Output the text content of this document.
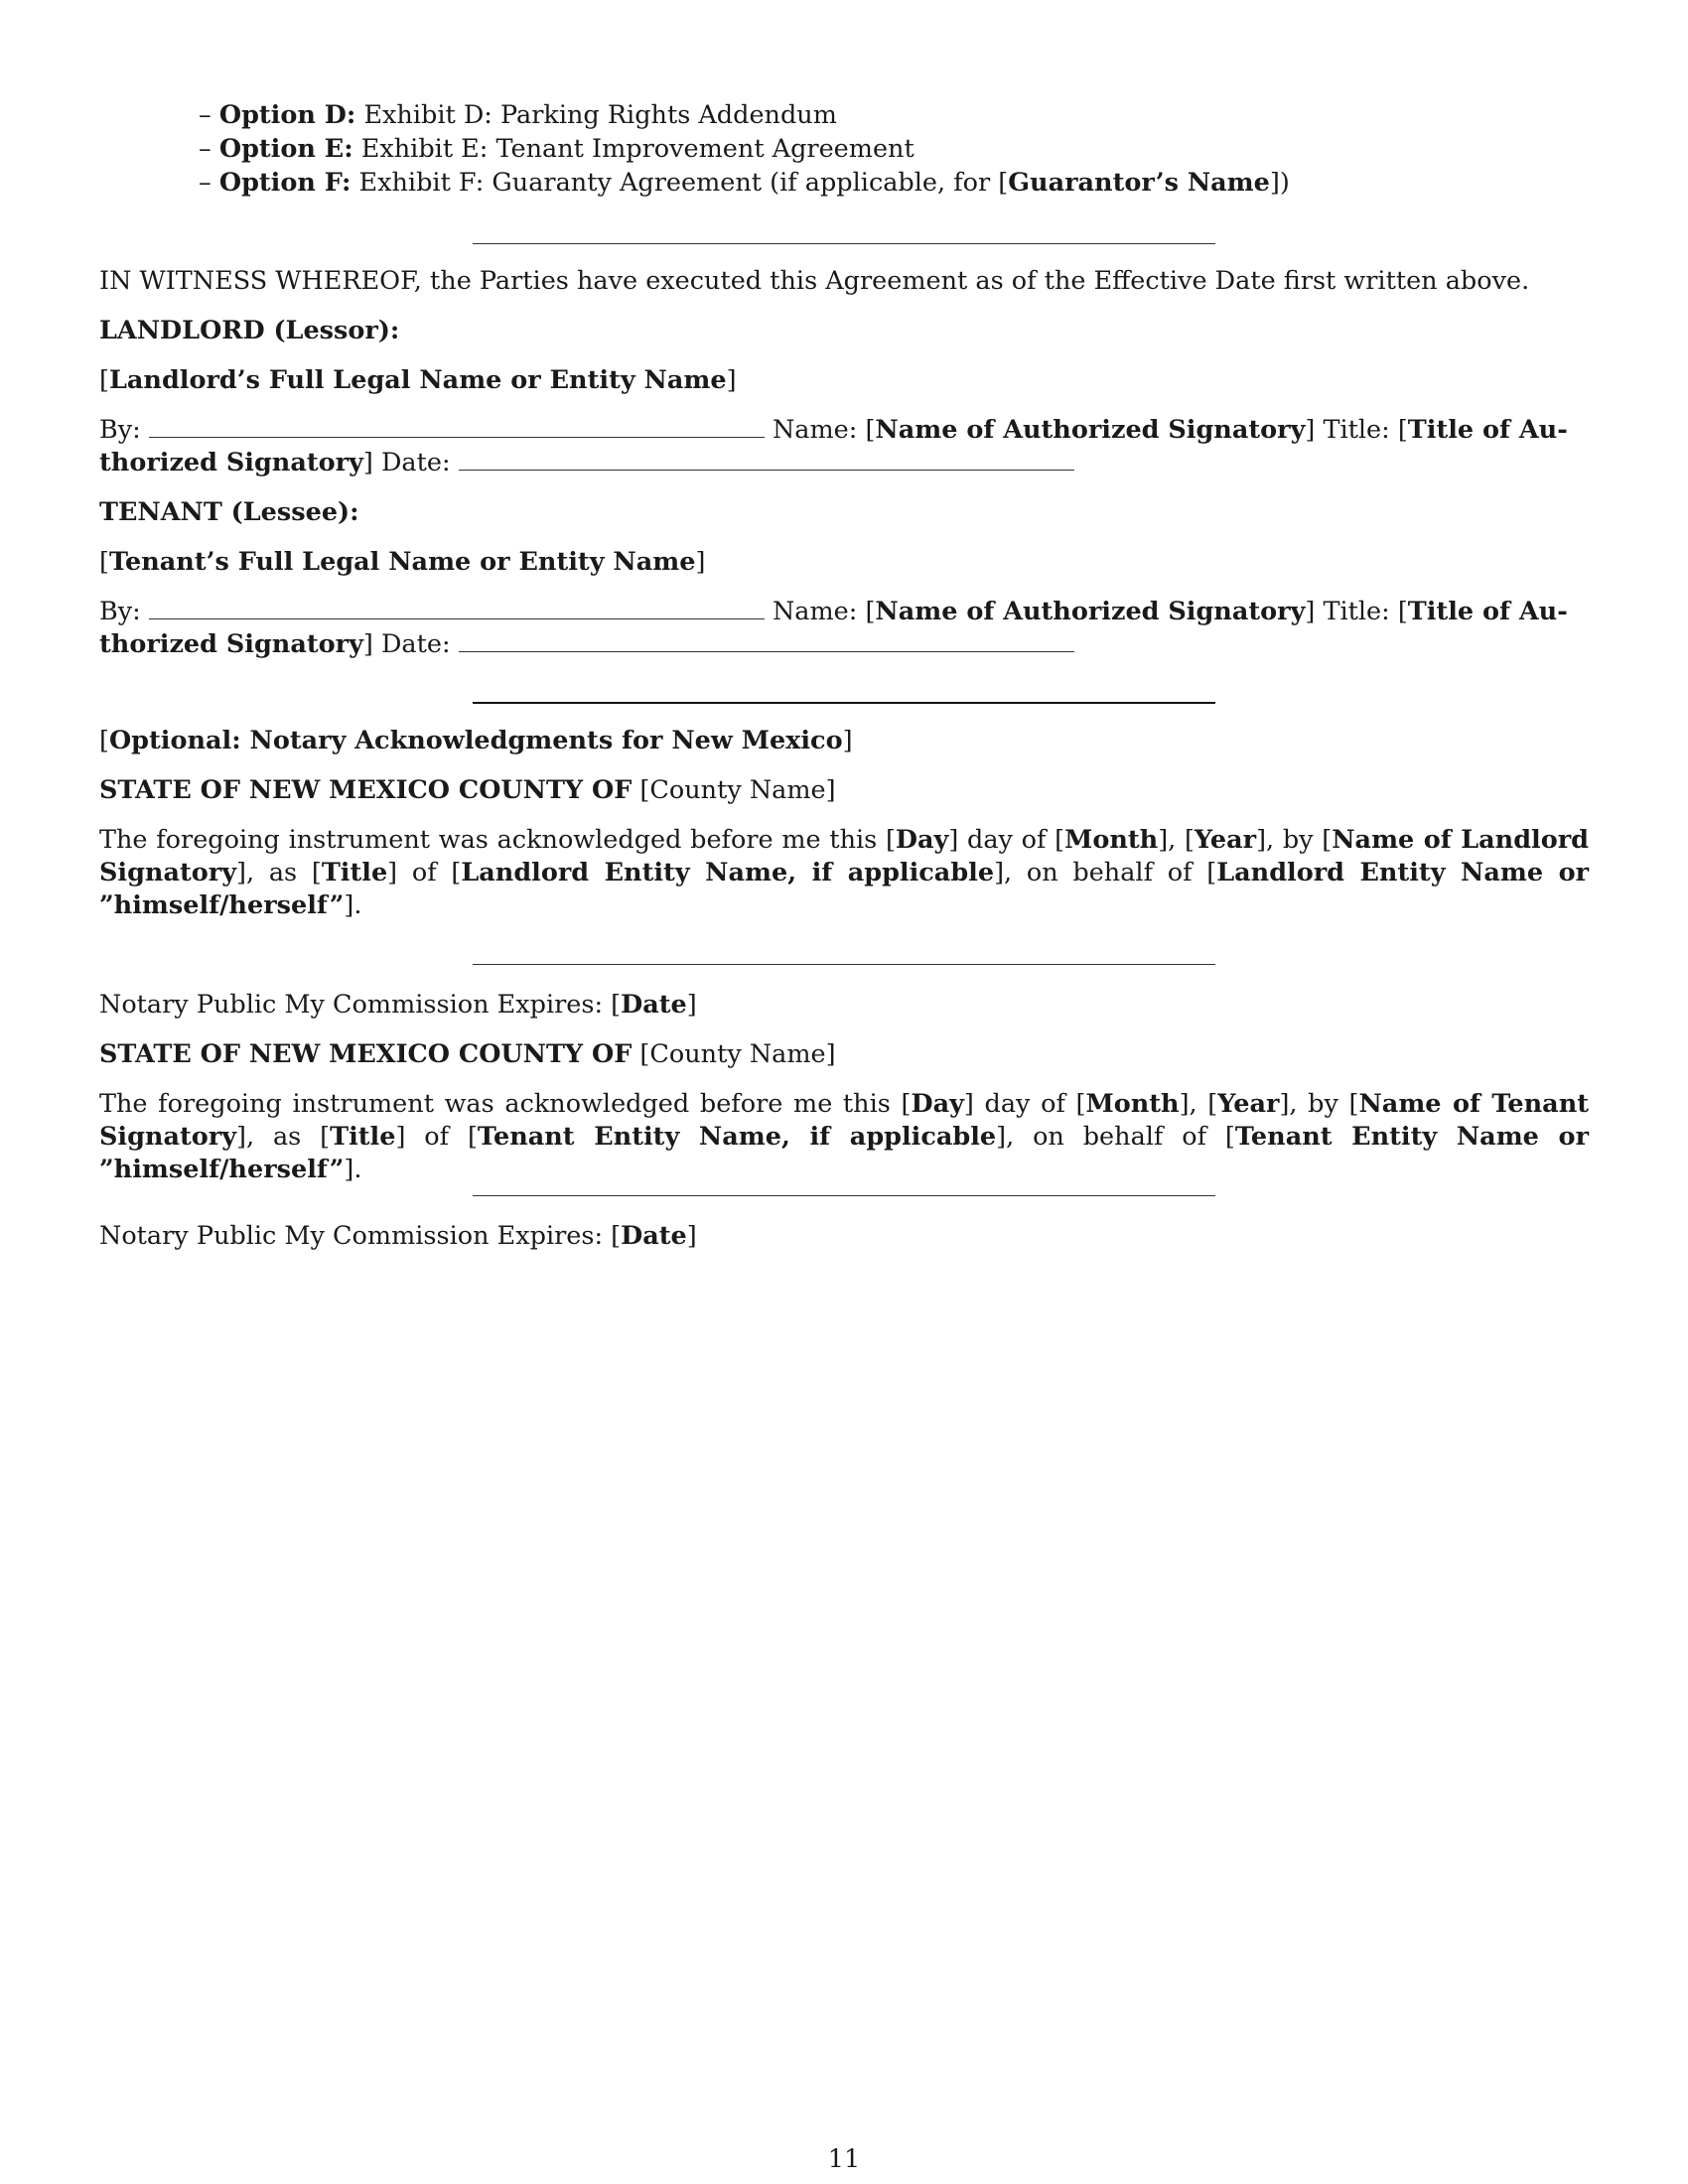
– Option D: Exhibit D: Parking Rights Addendum
– Option E: Exhibit E: Tenant Improvement Agreement
– Option F: Exhibit F: Guaranty Agreement (if applicable, for [Guarantor’s Name])
IN WITNESS WHEREOF, the Parties have executed this Agreement as of the Effective Date first written above.
LANDLORD (Lessor):
[Landlord’s Full Legal Name or Entity Name]
By:	Name: [Name of Authorized Signatory] Title: [Title of Au-
thorized Signatory] Date:
TENANT (Lessee):
[Tenant’s Full Legal Name or Entity Name]
By:	Name: [Name of Authorized Signatory] Title: [Title of Au-
thorized Signatory] Date:
[Optional: Notary Acknowledgments for New Mexico]
STATE OF NEW MEXICO COUNTY OF [County Name]
The foregoing instrument was acknowledged before me this [Day] day of [Month], [Year], by [Name of Landlord Signatory], as [Title] of [Landlord Entity Name, if applicable], on behalf of [Landlord Entity Name or ”himself/herself”].
Notary Public My Commission Expires: [Date]
STATE OF NEW MEXICO COUNTY OF [County Name]
The foregoing instrument was acknowledged before me this [Day] day of [Month], [Year], by [Name of Tenant Signatory], as [Title] of [Tenant Entity Name, if applicable], on behalf of [Tenant Entity Name or ”himself/herself”].
Notary Public My Commission Expires: [Date]
11
